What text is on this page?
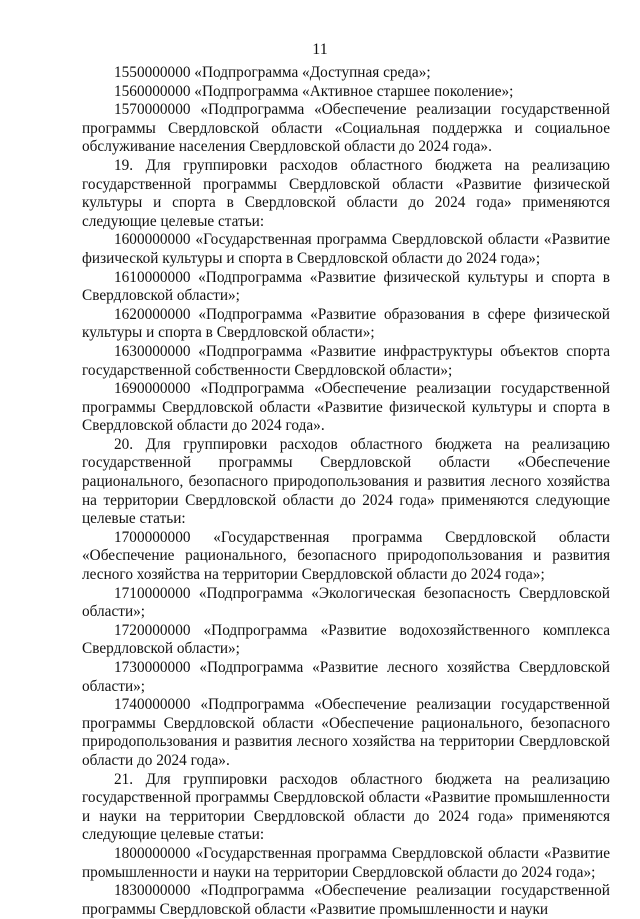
11

1550000000 «Подпрограмма «Доступная среда»;

1560000000 «Подпрограмма «Активное старшее поколение»;

1570000000 «Подпрограмма «Обеспечение реализации государственной программы Свердловской области «Социальная поддержка и социальное обслуживание населения Свердловской области до 2024 года».

19. Для группировки расходов областного бюджета на реализацию государственной программы Свердловской области «Развитие физической культуры и спорта в Свердловской области до 2024 года» применяются следующие целевые статьи:

1600000000 «Государственная программа Свердловской области «Развитие физической культуры и спорта в Свердловской области до 2024 года»;

1610000000 «Подпрограмма «Развитие физической культуры и спорта в Свердловской области»;

1620000000 «Подпрограмма «Развитие образования в сфере физической культуры и спорта в Свердловской области»;

1630000000 «Подпрограмма «Развитие инфраструктуры объектов спорта государственной собственности Свердловской области»;

1690000000 «Подпрограмма «Обеспечение реализации государственной программы Свердловской области «Развитие физической культуры и спорта в Свердловской области до 2024 года».

20. Для группировки расходов областного бюджета на реализацию государственной программы Свердловской области «Обеспечение рационального, безопасного природопользования и развития лесного хозяйства на территории Свердловской области до 2024 года» применяются следующие целевые статьи:

1700000000 «Государственная программа Свердловской области «Обеспечение рационального, безопасного природопользования и развития лесного хозяйства на территории Свердловской области до 2024 года»;

1710000000 «Подпрограмма «Экологическая безопасность Свердловской области»;

1720000000 «Подпрограмма «Развитие водохозяйственного комплекса Свердловской области»;

1730000000 «Подпрограмма «Развитие лесного хозяйства Свердловской области»;

1740000000 «Подпрограмма «Обеспечение реализации государственной программы Свердловской области «Обеспечение рационального, безопасного природопользования и развития лесного хозяйства на территории Свердловской области до 2024 года».

21. Для группировки расходов областного бюджета на реализацию государственной программы Свердловской области «Развитие промышленности и науки на территории Свердловской области до 2024 года» применяются следующие целевые статьи:

1800000000 «Государственная программа Свердловской области «Развитие промышленности и науки на территории Свердловской области до 2024 года»;

1830000000 «Подпрограмма «Обеспечение реализации государственной программы Свердловской области «Развитие промышленности и науки
